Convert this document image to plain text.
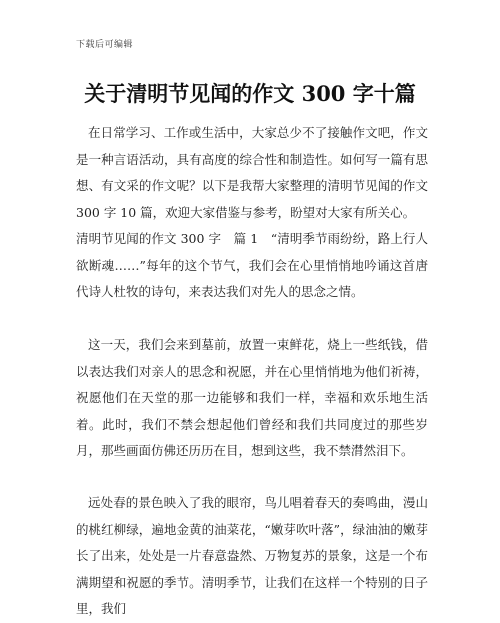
下载后可编辑
关于清明节见闻的作文 300 字十篇

在日常学习、工作或生活中，大家总少不了接触作文吧，作文是一种言语活动，具有高度的综合性和制造性。如何写一篇有思想、有文采的作文呢？以下是我帮大家整理的清明节见闻的作文 300 字 10 篇，欢迎大家借鉴与参考，盼望对大家有所关心。

清明节见闻的作文 300 字　篇 1　“清明季节雨纷纷，路上行人欲断魂……”每年的这个节气，我们会在心里悄悄地吟诵这首唐代诗人杜牧的诗句，来表达我们对先人的思念之情。

这一天，我们会来到墓前，放置一束鲜花，烧上一些纸钱，借以表达我们对亲人的思念和祝愿，并在心里悄悄地为他们祈祷，祝愿他们在天堂的那一边能够和我们一样，幸福和欢乐地生活着。此时，我们不禁会想起他们曾经和我们共同度过的那些岁月，那些画面仿佛还历历在目，想到这些，我不禁潸然泪下。

远处春的景色映入了我的眼帘，鸟儿唱着春天的奏鸣曲，漫山的桃红柳绿，遍地金黄的油菜花，“嫩芽吹叶落”，绿油油的嫩芽长了出来，处处是一片春意盎然、万物复苏的景象，这是一个布满期望和祝愿的季节。清明季节，让我们在这样一个特别的日子里，我们
